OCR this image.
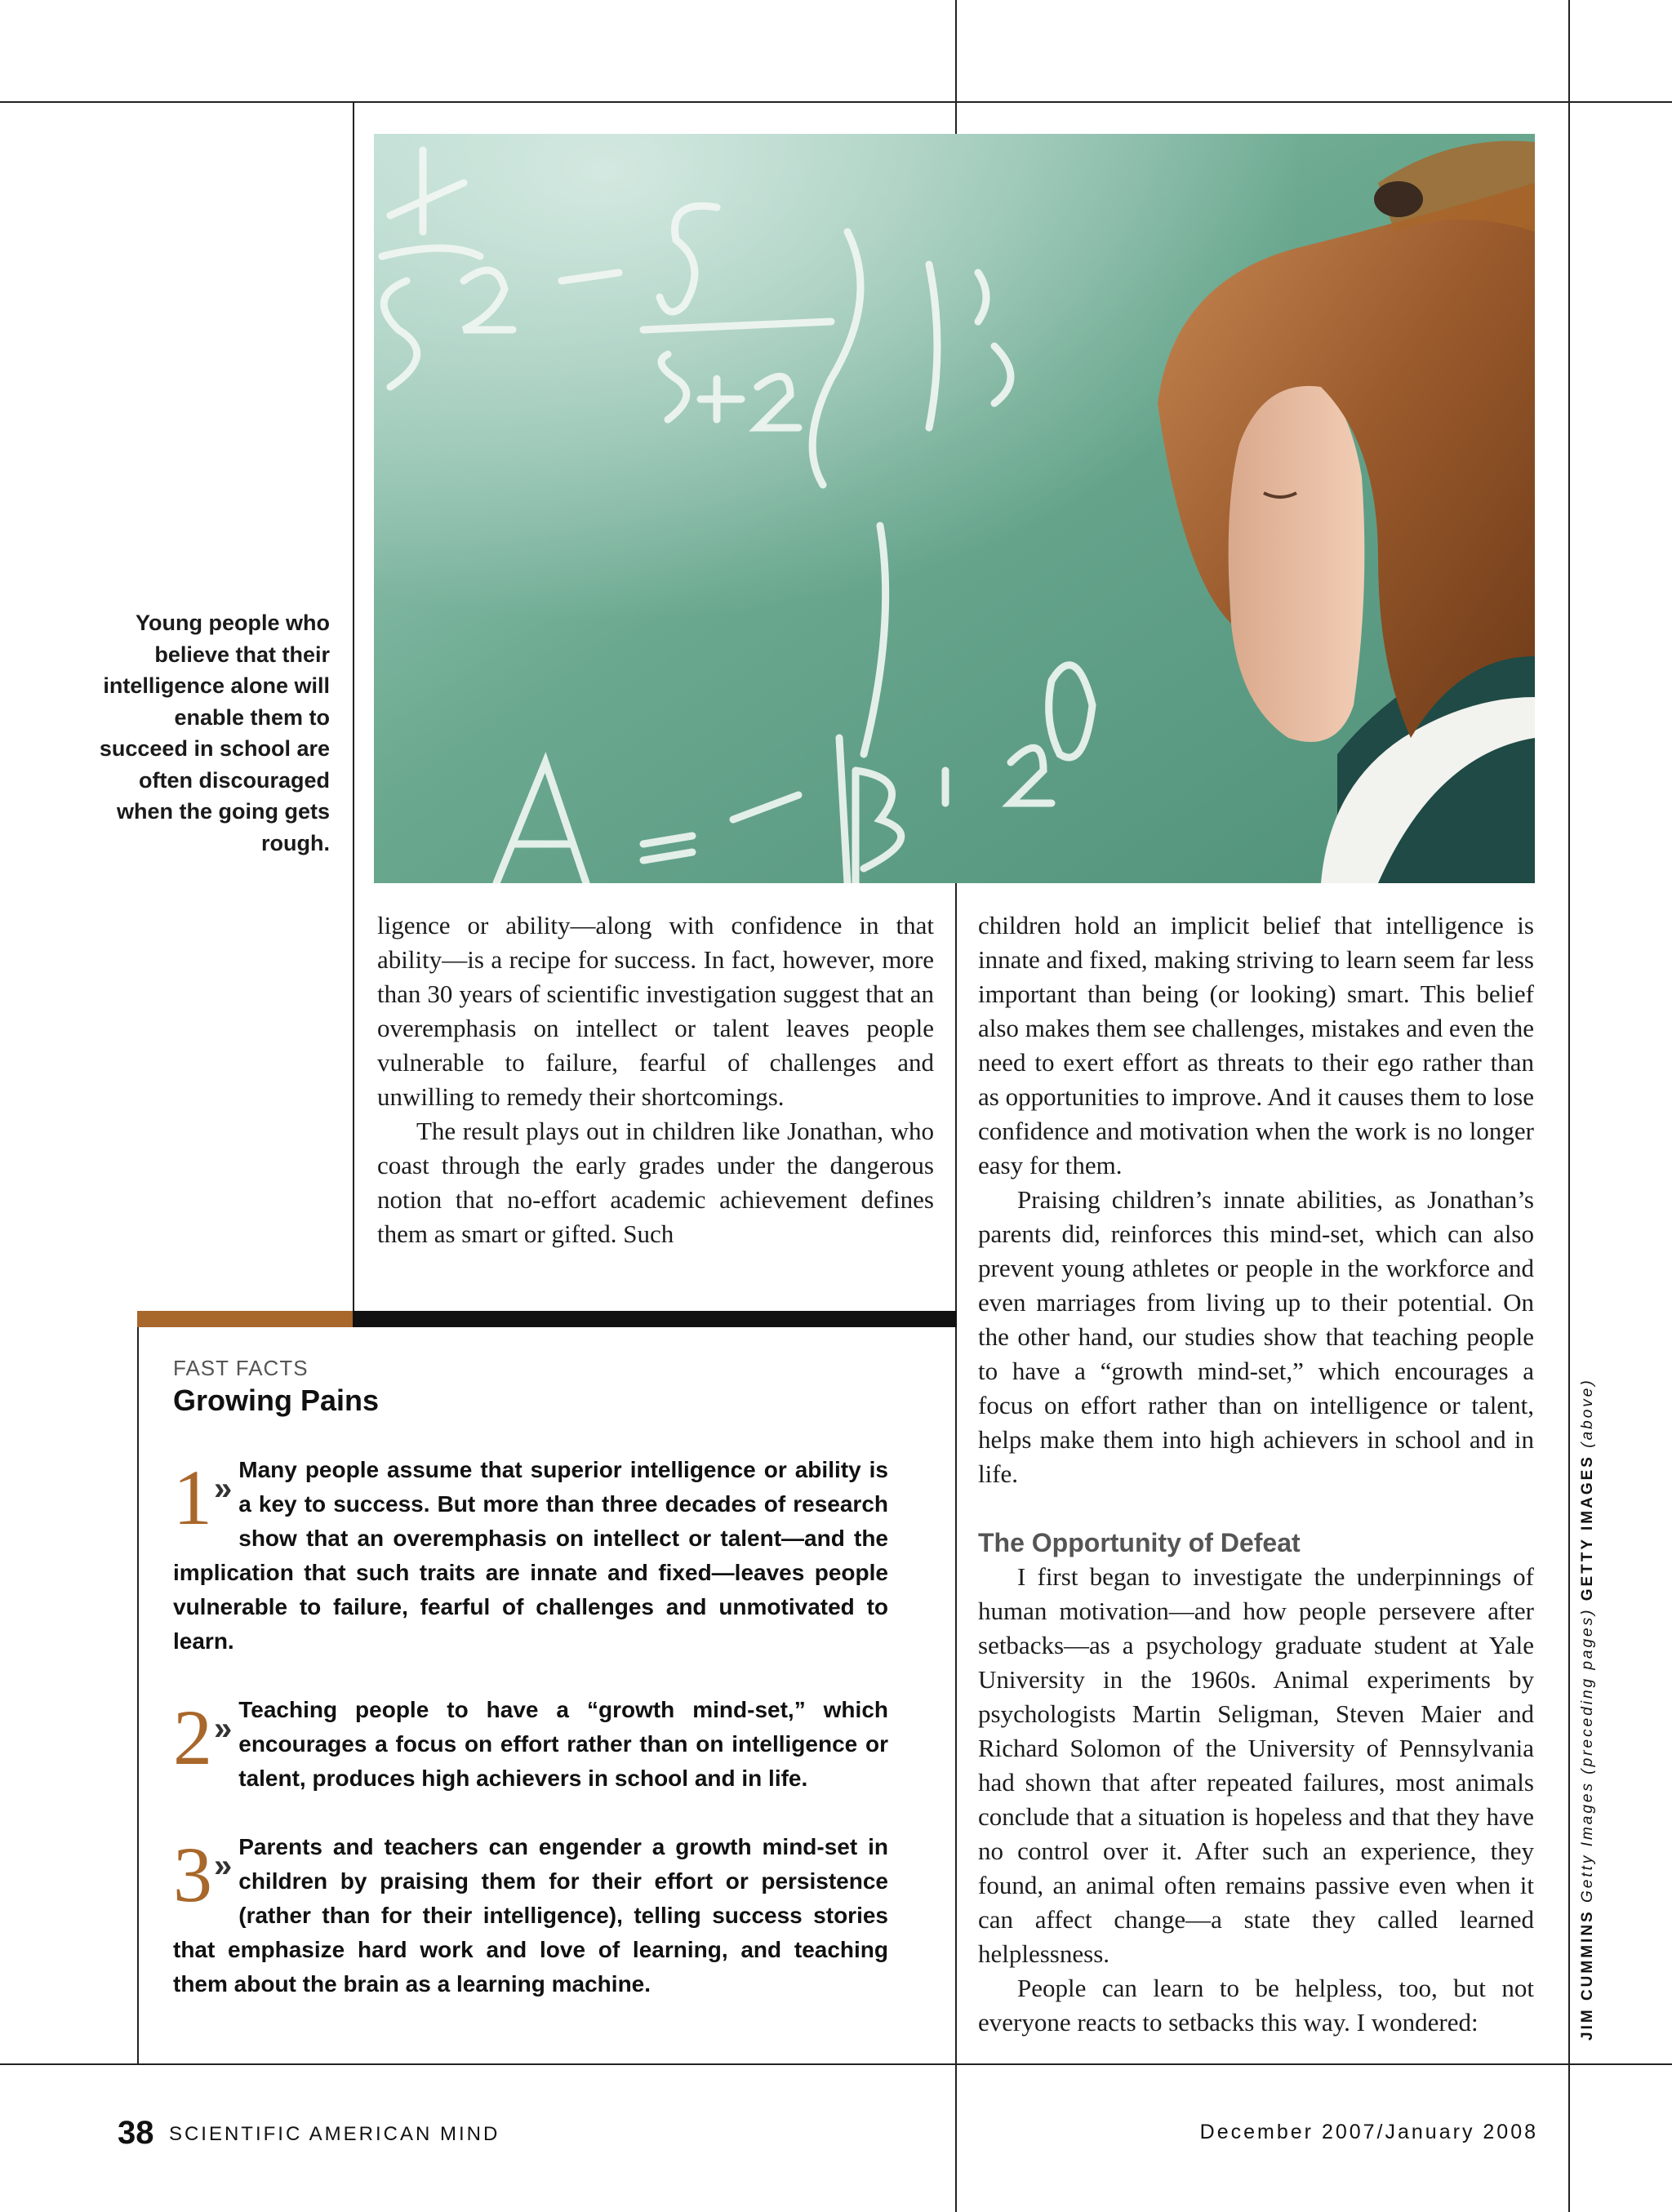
Young people who believe that their intelligence alone will enable them to succeed in school are often discouraged when the going gets rough.

ligence or ability—along with confidence in that ability—is a recipe for success. In fact, however, more than 30 years of scientific investigation suggest that an overemphasis on intellect or talent leaves people vulnerable to failure, fearful of challenges and unwilling to remedy their shortcomings.

The result plays out in children like Jonathan, who coast through the early grades under the dangerous notion that no-effort academic achievement defines them as smart or gifted. Such

children hold an implicit belief that intelligence is innate and fixed, making striving to learn seem far less important than being (or looking) smart. This belief also makes them see challenges, mistakes and even the need to exert effort as threats to their ego rather than as opportunities to improve. And it causes them to lose confidence and motivation when the work is no longer easy for them.

Praising children’s innate abilities, as Jonathan’s parents did, reinforces this mind-set, which can also prevent young athletes or people in the workforce and even marriages from living up to their potential. On the other hand, our studies show that teaching people to have a “growth mind-set,” which encourages a focus on effort rather than on intelligence or talent, helps make them into high achievers in school and in life.

The Opportunity of Defeat

I first began to investigate the underpinnings of human motivation—and how people persevere after setbacks—as a psychology graduate student at Yale University in the 1960s. Animal experiments by psychologists Martin Seligman, Steven Maier and Richard Solomon of the University of Pennsylvania had shown that after repeated failures, most animals conclude that a situation is hopeless and that they have no control over it. After such an experience, they found, an animal often remains passive even when it can affect change—a state they called learned helplessness.

People can learn to be helpless, too, but not everyone reacts to setbacks this way. I wondered:

FAST FACTS
Growing Pains
1»
Many people assume that superior intelligence or ability is a key to success. But more than three decades of research show that an overemphasis on intellect or talent—and the implication that such traits are innate and fixed—leaves people vulnerable to failure, fearful of challenges and unmotivated to learn.
2»
Teaching people to have a “growth mind-set,” which encourages a focus on effort rather than on intelligence or talent, produces high achievers in school and in life.
3»
Parents and teachers can engender a growth mind-set in children by praising them for their effort or persistence (rather than for their intelligence), telling success stories that emphasize hard work and love of learning, and teaching them about the brain as a learning machine.	JIM CUMMINS Getty Images (preceding pages) GETTY IMAGES (above)
38 SCIENTIFIC AMERICAN MIND	December 2007/January 2008
